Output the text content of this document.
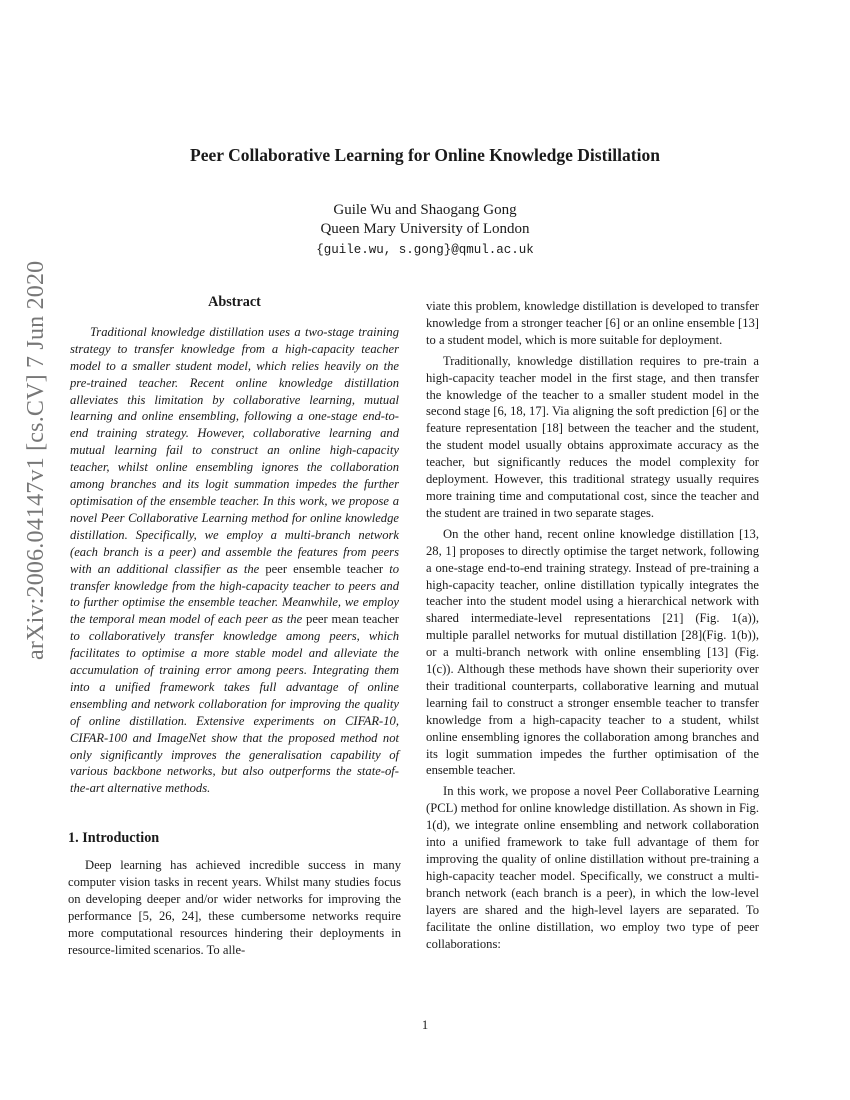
Peer Collaborative Learning for Online Knowledge Distillation
Guile Wu and Shaogang Gong
Queen Mary University of London
{guile.wu, s.gong}@qmul.ac.uk
arXiv:2006.04147v1 [cs.CV] 7 Jun 2020	Abstract

Traditional knowledge distillation uses a two-stage training strategy to transfer knowledge from a high-capacity teacher model to a smaller student model, which relies heavily on the pre-trained teacher. Recent online knowledge distillation alleviates this limitation by collaborative learning, mutual learning and online ensembling, following a one-stage end-to-end training strategy. However, collaborative learning and mutual learning fail to construct an online high-capacity teacher, whilst online ensembling ignores the collaboration among branches and its logit summation impedes the further optimisation of the ensemble teacher. In this work, we propose a novel Peer Collaborative Learning method for online knowledge distillation. Specifically, we employ a multi-branch network (each branch is a peer) and assemble the features from peers with an additional classifier as the peer ensemble teacher to transfer knowledge from the high-capacity teacher to peers and to further optimise the ensemble teacher. Meanwhile, we employ the temporal mean model of each peer as the peer mean teacher to collaboratively transfer knowledge among peers, which facilitates to optimise a more stable model and alleviate the accumulation of training error among peers. Integrating them into a unified framework takes full advantage of online ensembling and network collaboration for improving the quality of online distillation. Extensive experiments on CIFAR-10, CIFAR-100 and ImageNet show that the proposed method not only significantly improves the generalisation capability of various backbone networks, but also outperforms the state-of-the-art alternative methods.

1. Introduction

Deep learning has achieved incredible success in many computer vision tasks in recent years. Whilst many studies focus on developing deeper and/or wider networks for improving the performance [5, 26, 24], these cumbersome networks require more computational resources hindering their deployments in resource-limited scenarios. To alle-

viate this problem, knowledge distillation is developed to transfer knowledge from a stronger teacher [6] or an online ensemble [13] to a student model, which is more suitable for deployment.

Traditionally, knowledge distillation requires to pre-train a high-capacity teacher model in the first stage, and then transfer the knowledge of the teacher to a smaller student model in the second stage [6, 18, 17]. Via aligning the soft prediction [6] or the feature representation [18] between the teacher and the student, the student model usually obtains approximate accuracy as the teacher, but significantly reduces the model complexity for deployment. However, this traditional strategy usually requires more training time and computational cost, since the teacher and the student are trained in two separate stages.

On the other hand, recent online knowledge distillation [13, 28, 1] proposes to directly optimise the target network, following a one-stage end-to-end training strategy. Instead of pre-training a high-capacity teacher, online distillation typically integrates the teacher into the student model using a hierarchical network with shared intermediate-level representations [21] (Fig. 1(a)), multiple parallel networks for mutual distillation [28](Fig. 1(b)), or a multi-branch network with online ensembling [13] (Fig. 1(c)). Although these methods have shown their superiority over their traditional counterparts, collaborative learning and mutual learning fail to construct a stronger ensemble teacher to transfer knowledge from a high-capacity teacher to a student, whilst online ensembling ignores the collaboration among branches and its logit summation impedes the further optimisation of the ensemble teacher.

In this work, we propose a novel Peer Collaborative Learning (PCL) method for online knowledge distillation. As shown in Fig. 1(d), we integrate online ensembling and network collaboration into a unified framework to take full advantage of them for improving the quality of online distillation without pre-training a high-capacity teacher model. Specifically, we construct a multi-branch network (each branch is a peer), in which the low-level layers are shared and the high-level layers are separated. To facilitate the online distillation, wo employ two type of peer collaborations:

1
